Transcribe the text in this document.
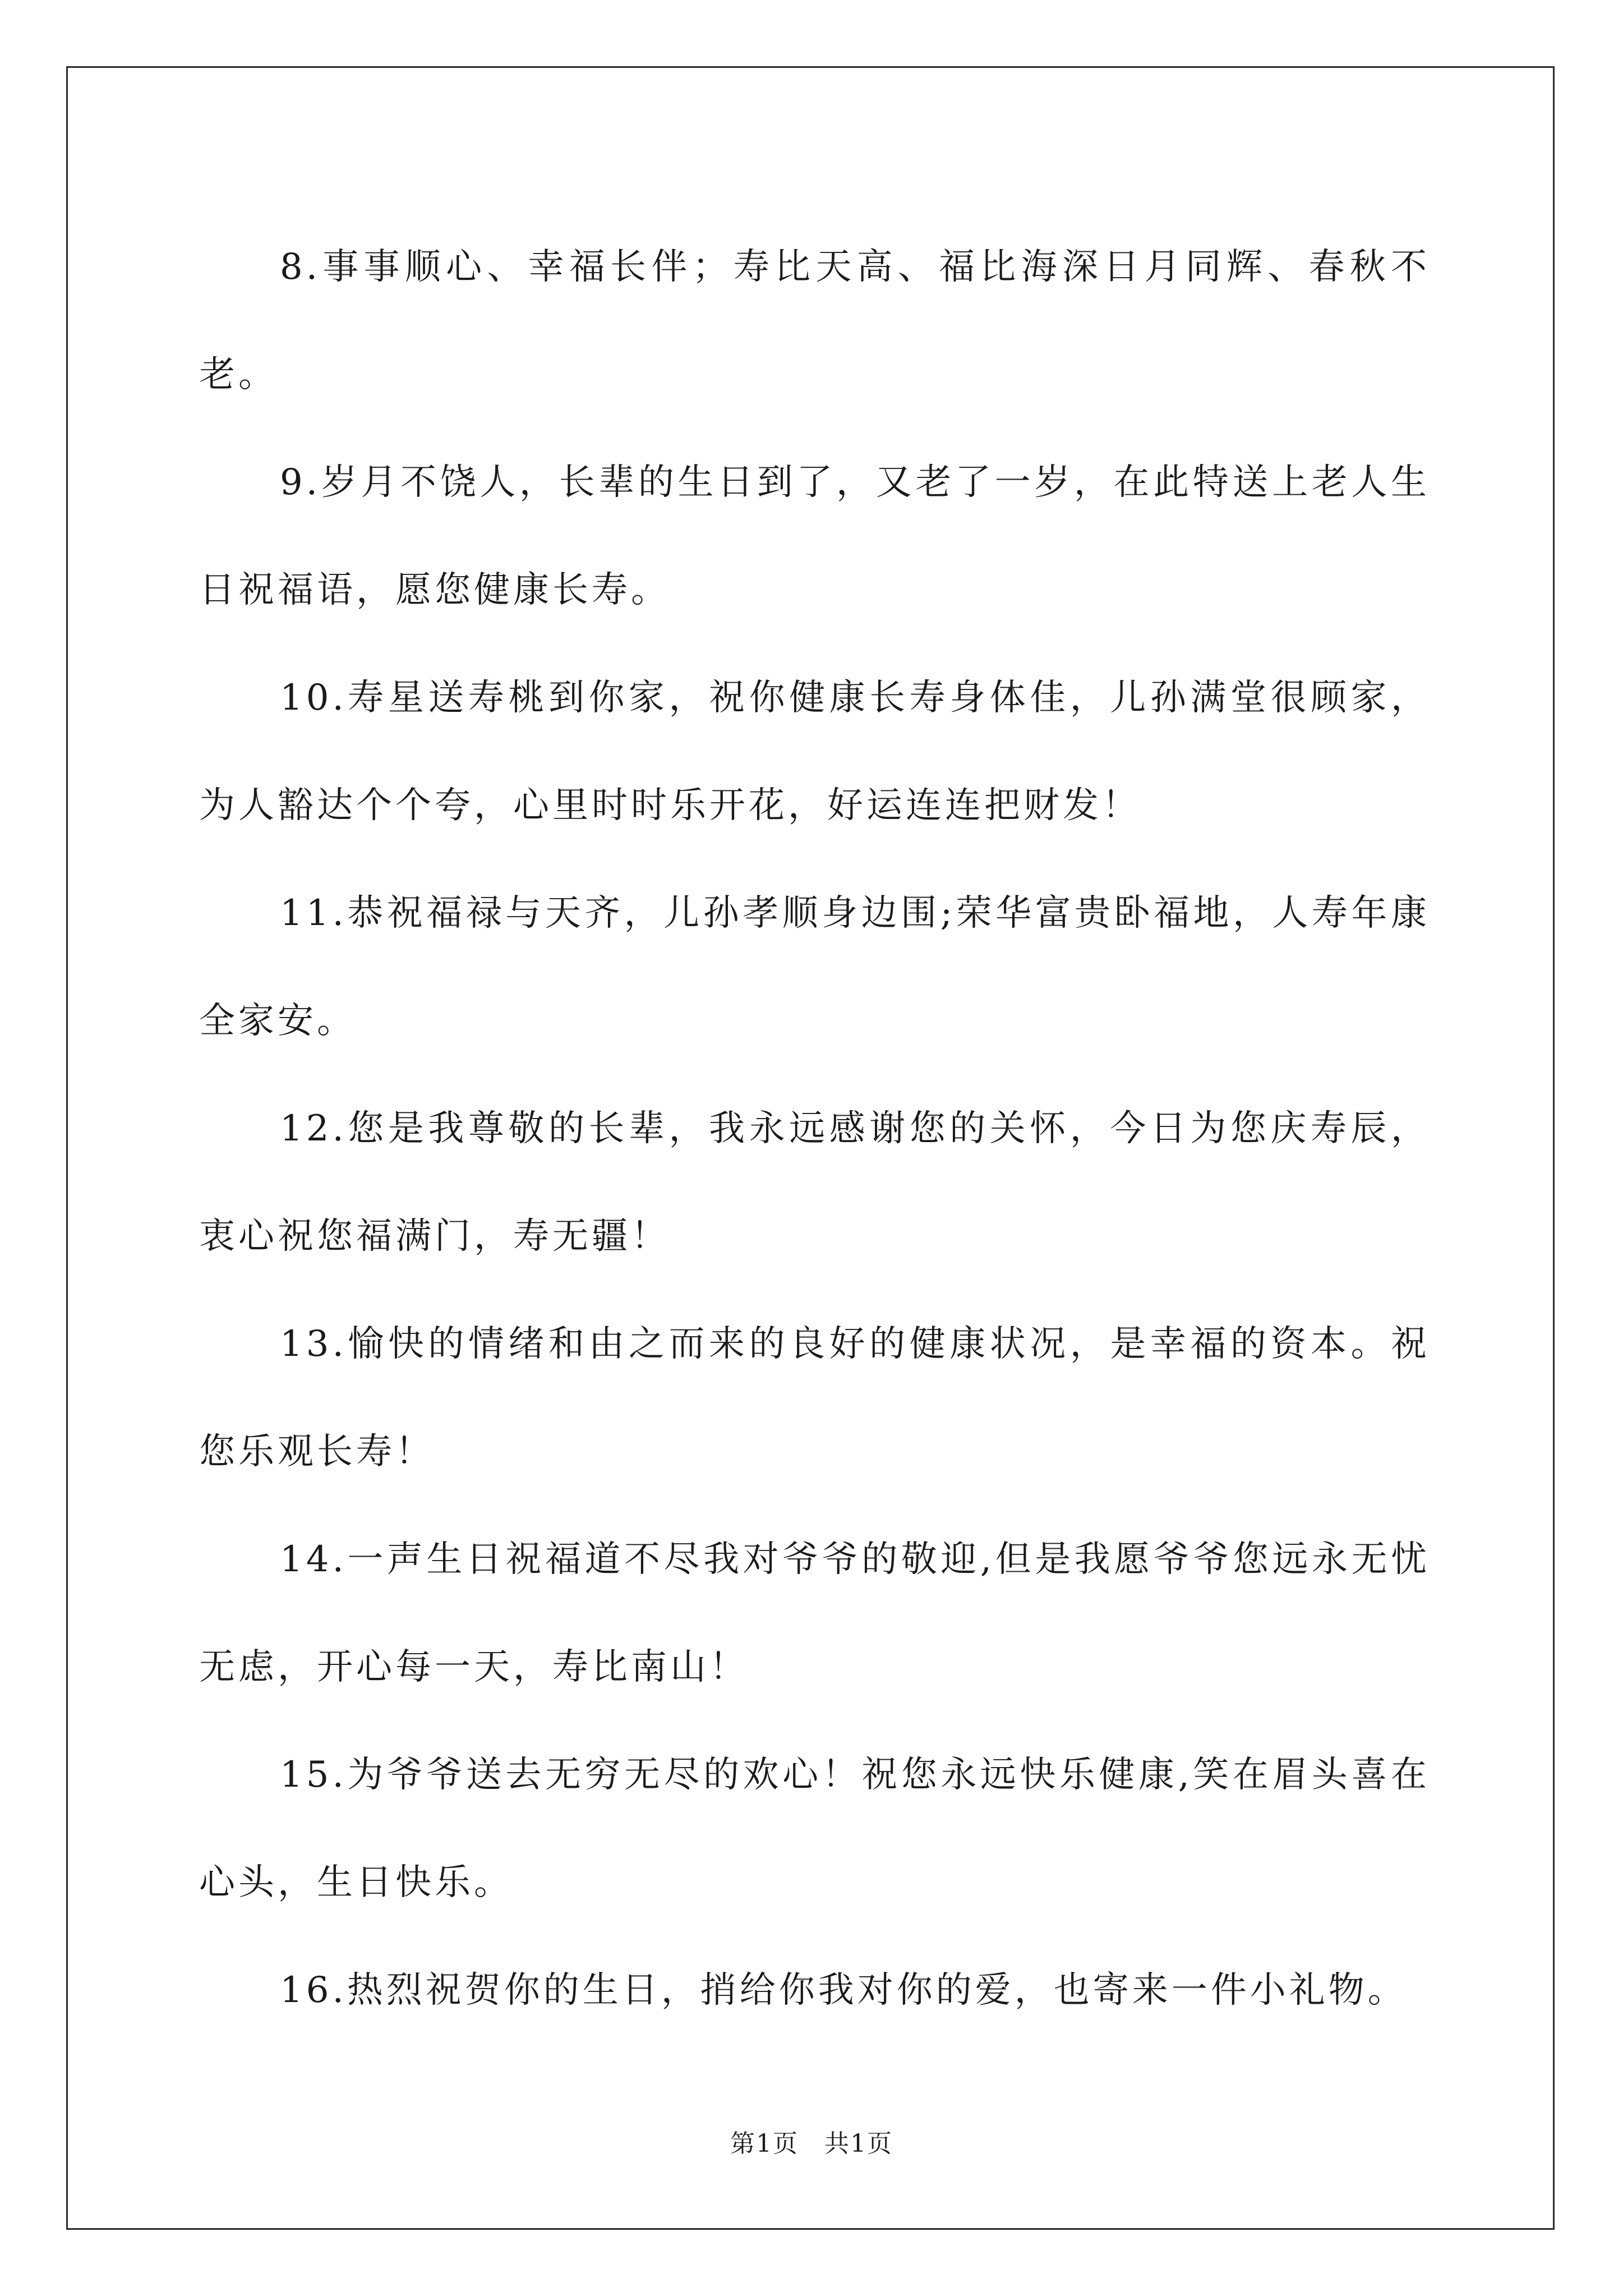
8.事事顺心、幸福长伴；寿比天高、福比海深日月同辉、春秋不老。

9.岁月不饶人，长辈的生日到了，又老了一岁，在此特送上老人生日祝福语，愿您健康长寿。

10.寿星送寿桃到你家，祝你健康长寿身体佳，儿孙满堂很顾家，为人豁达个个夸，心里时时乐开花，好运连连把财发！

11.恭祝福禄与天齐，儿孙孝顺身边围;荣华富贵卧福地，人寿年康全家安。

12.您是我尊敬的长辈，我永远感谢您的关怀，今日为您庆寿辰，衷心祝您福满门，寿无疆！

13.愉快的情绪和由之而来的良好的健康状况，是幸福的资本。祝您乐观长寿！

14.一声生日祝福道不尽我对爷爷的敬迎,但是我愿爷爷您远永无忧无虑，开心每一天，寿比南山！

15.为爷爷送去无穷无尽的欢心！祝您永远快乐健康,笑在眉头喜在心头，生日快乐。

16.热烈祝贺你的生日，捎给你我对你的爱，也寄来一件小礼物。

第1页　共1页
